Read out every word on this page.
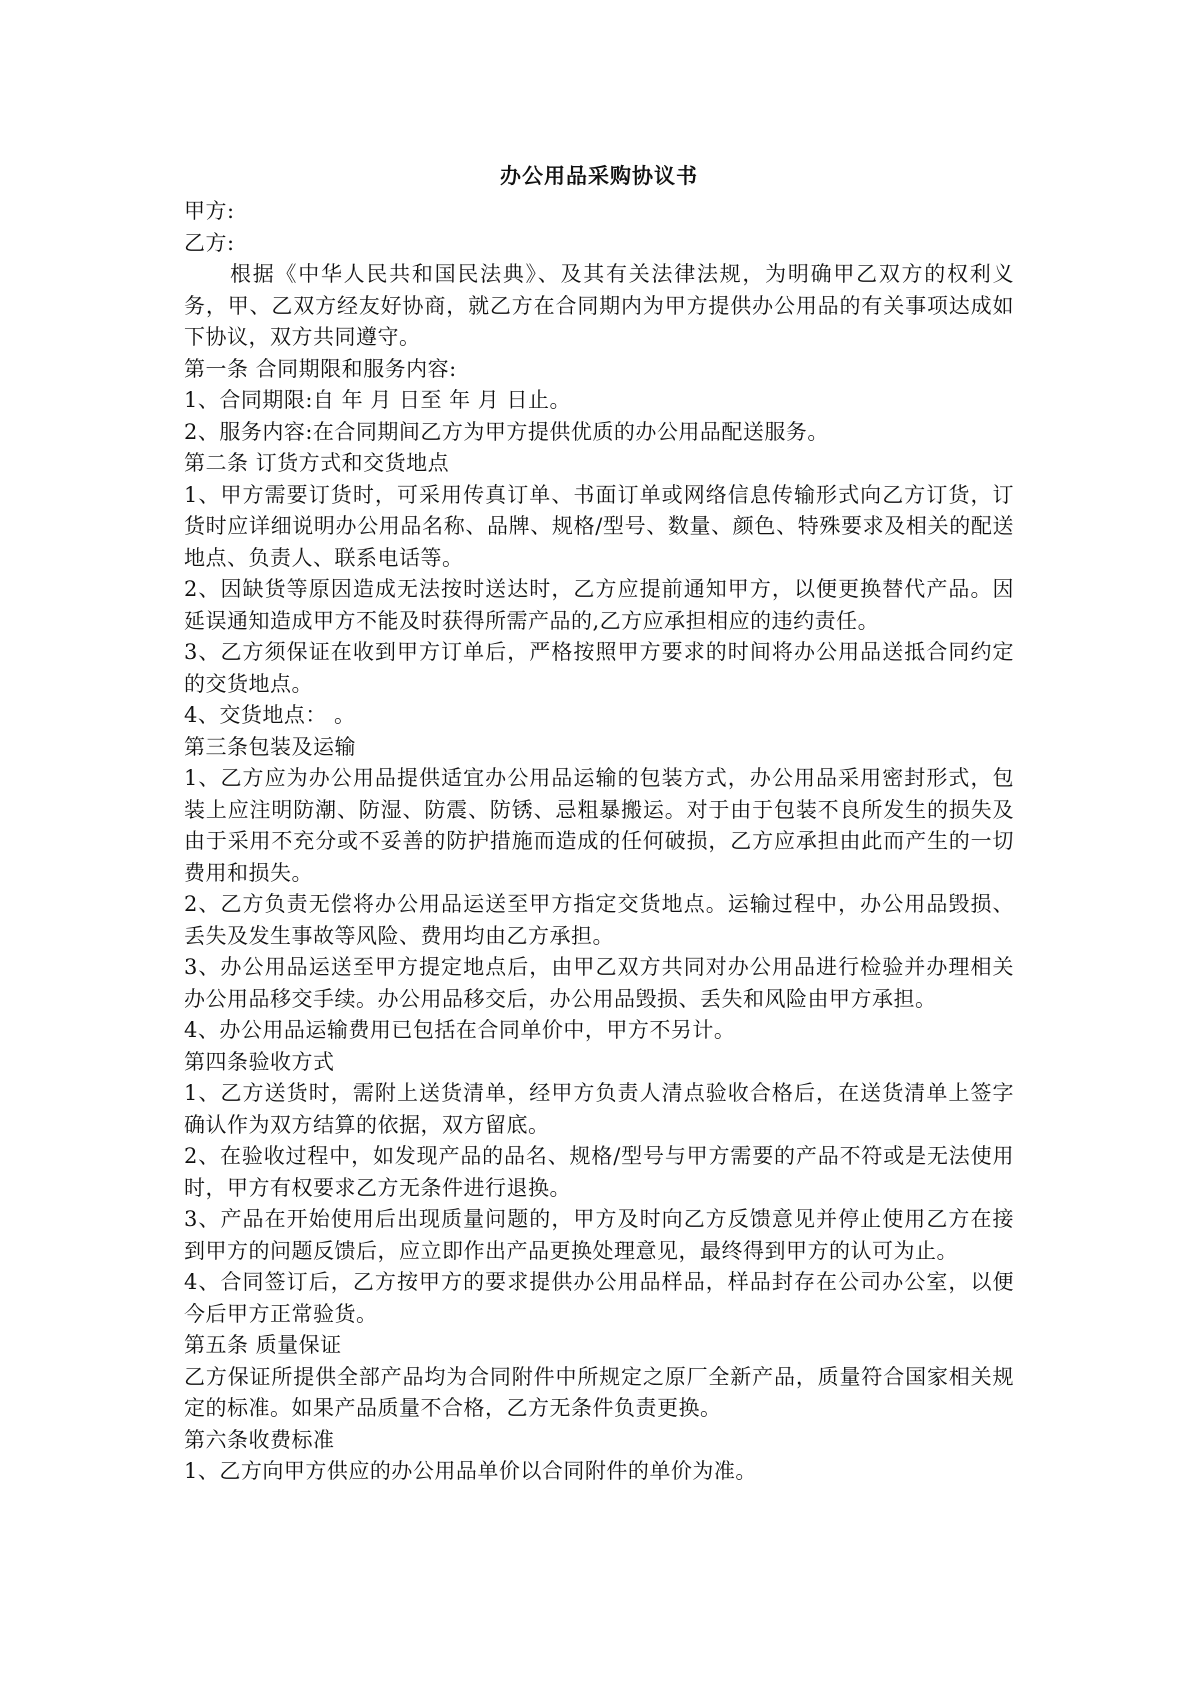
办公用品采购协议书
甲方:
乙方:
根据《中华人民共和国民法典》、及其有关法律法规，为明确甲乙双方的权利义务，甲、乙双方经友好协商，就乙方在合同期内为甲方提供办公用品的有关事项达成如下协议，双方共同遵守。
第一条 合同期限和服务内容:
1、合同期限:自 年 月 日至 年 月 日止。
2、服务内容:在合同期间乙方为甲方提供优质的办公用品配送服务。
第二条 订货方式和交货地点
1、甲方需要订货时，可采用传真订单、书面订单或网络信息传输形式向乙方订货，订货时应详细说明办公用品名称、品牌、规格/型号、数量、颜色、特殊要求及相关的配送地点、负责人、联系电话等。
2、因缺货等原因造成无法按时送达时，乙方应提前通知甲方，以便更换替代产品。因延误通知造成甲方不能及时获得所需产品的,乙方应承担相应的违约责任。
3、乙方须保证在收到甲方订单后，严格按照甲方要求的时间将办公用品送抵合同约定的交货地点。
4、交货地点： 。
第三条包装及运输
1、乙方应为办公用品提供适宜办公用品运输的包装方式，办公用品采用密封形式，包装上应注明防潮、防湿、防震、防锈、忌粗暴搬运。对于由于包装不良所发生的损失及由于采用不充分或不妥善的防护措施而造成的任何破损，乙方应承担由此而产生的一切费用和损失。
2、乙方负责无偿将办公用品运送至甲方指定交货地点。运输过程中，办公用品毁损、丢失及发生事故等风险、费用均由乙方承担。
3、办公用品运送至甲方提定地点后，由甲乙双方共同对办公用品进行检验并办理相关办公用品移交手续。办公用品移交后，办公用品毁损、丢失和风险由甲方承担。
4、办公用品运输费用已包括在合同单价中，甲方不另计。
第四条验收方式
1、乙方送货时，需附上送货清单，经甲方负责人清点验收合格后，在送货清单上签字确认作为双方结算的依据，双方留底。
2、在验收过程中，如发现产品的品名、规格/型号与甲方需要的产品不符或是无法使用时，甲方有权要求乙方无条件进行退换。
3、产品在开始使用后出现质量问题的，甲方及时向乙方反馈意见并停止使用乙方在接到甲方的问题反馈后，应立即作出产品更换处理意见，最终得到甲方的认可为止。
4、合同签订后，乙方按甲方的要求提供办公用品样品，样品封存在公司办公室，以便今后甲方正常验货。
第五条 质量保证
乙方保证所提供全部产品均为合同附件中所规定之原厂全新产品，质量符合国家相关规定的标准。如果产品质量不合格，乙方无条件负责更换。
第六条收费标准
1、乙方向甲方供应的办公用品单价以合同附件的单价为准。
